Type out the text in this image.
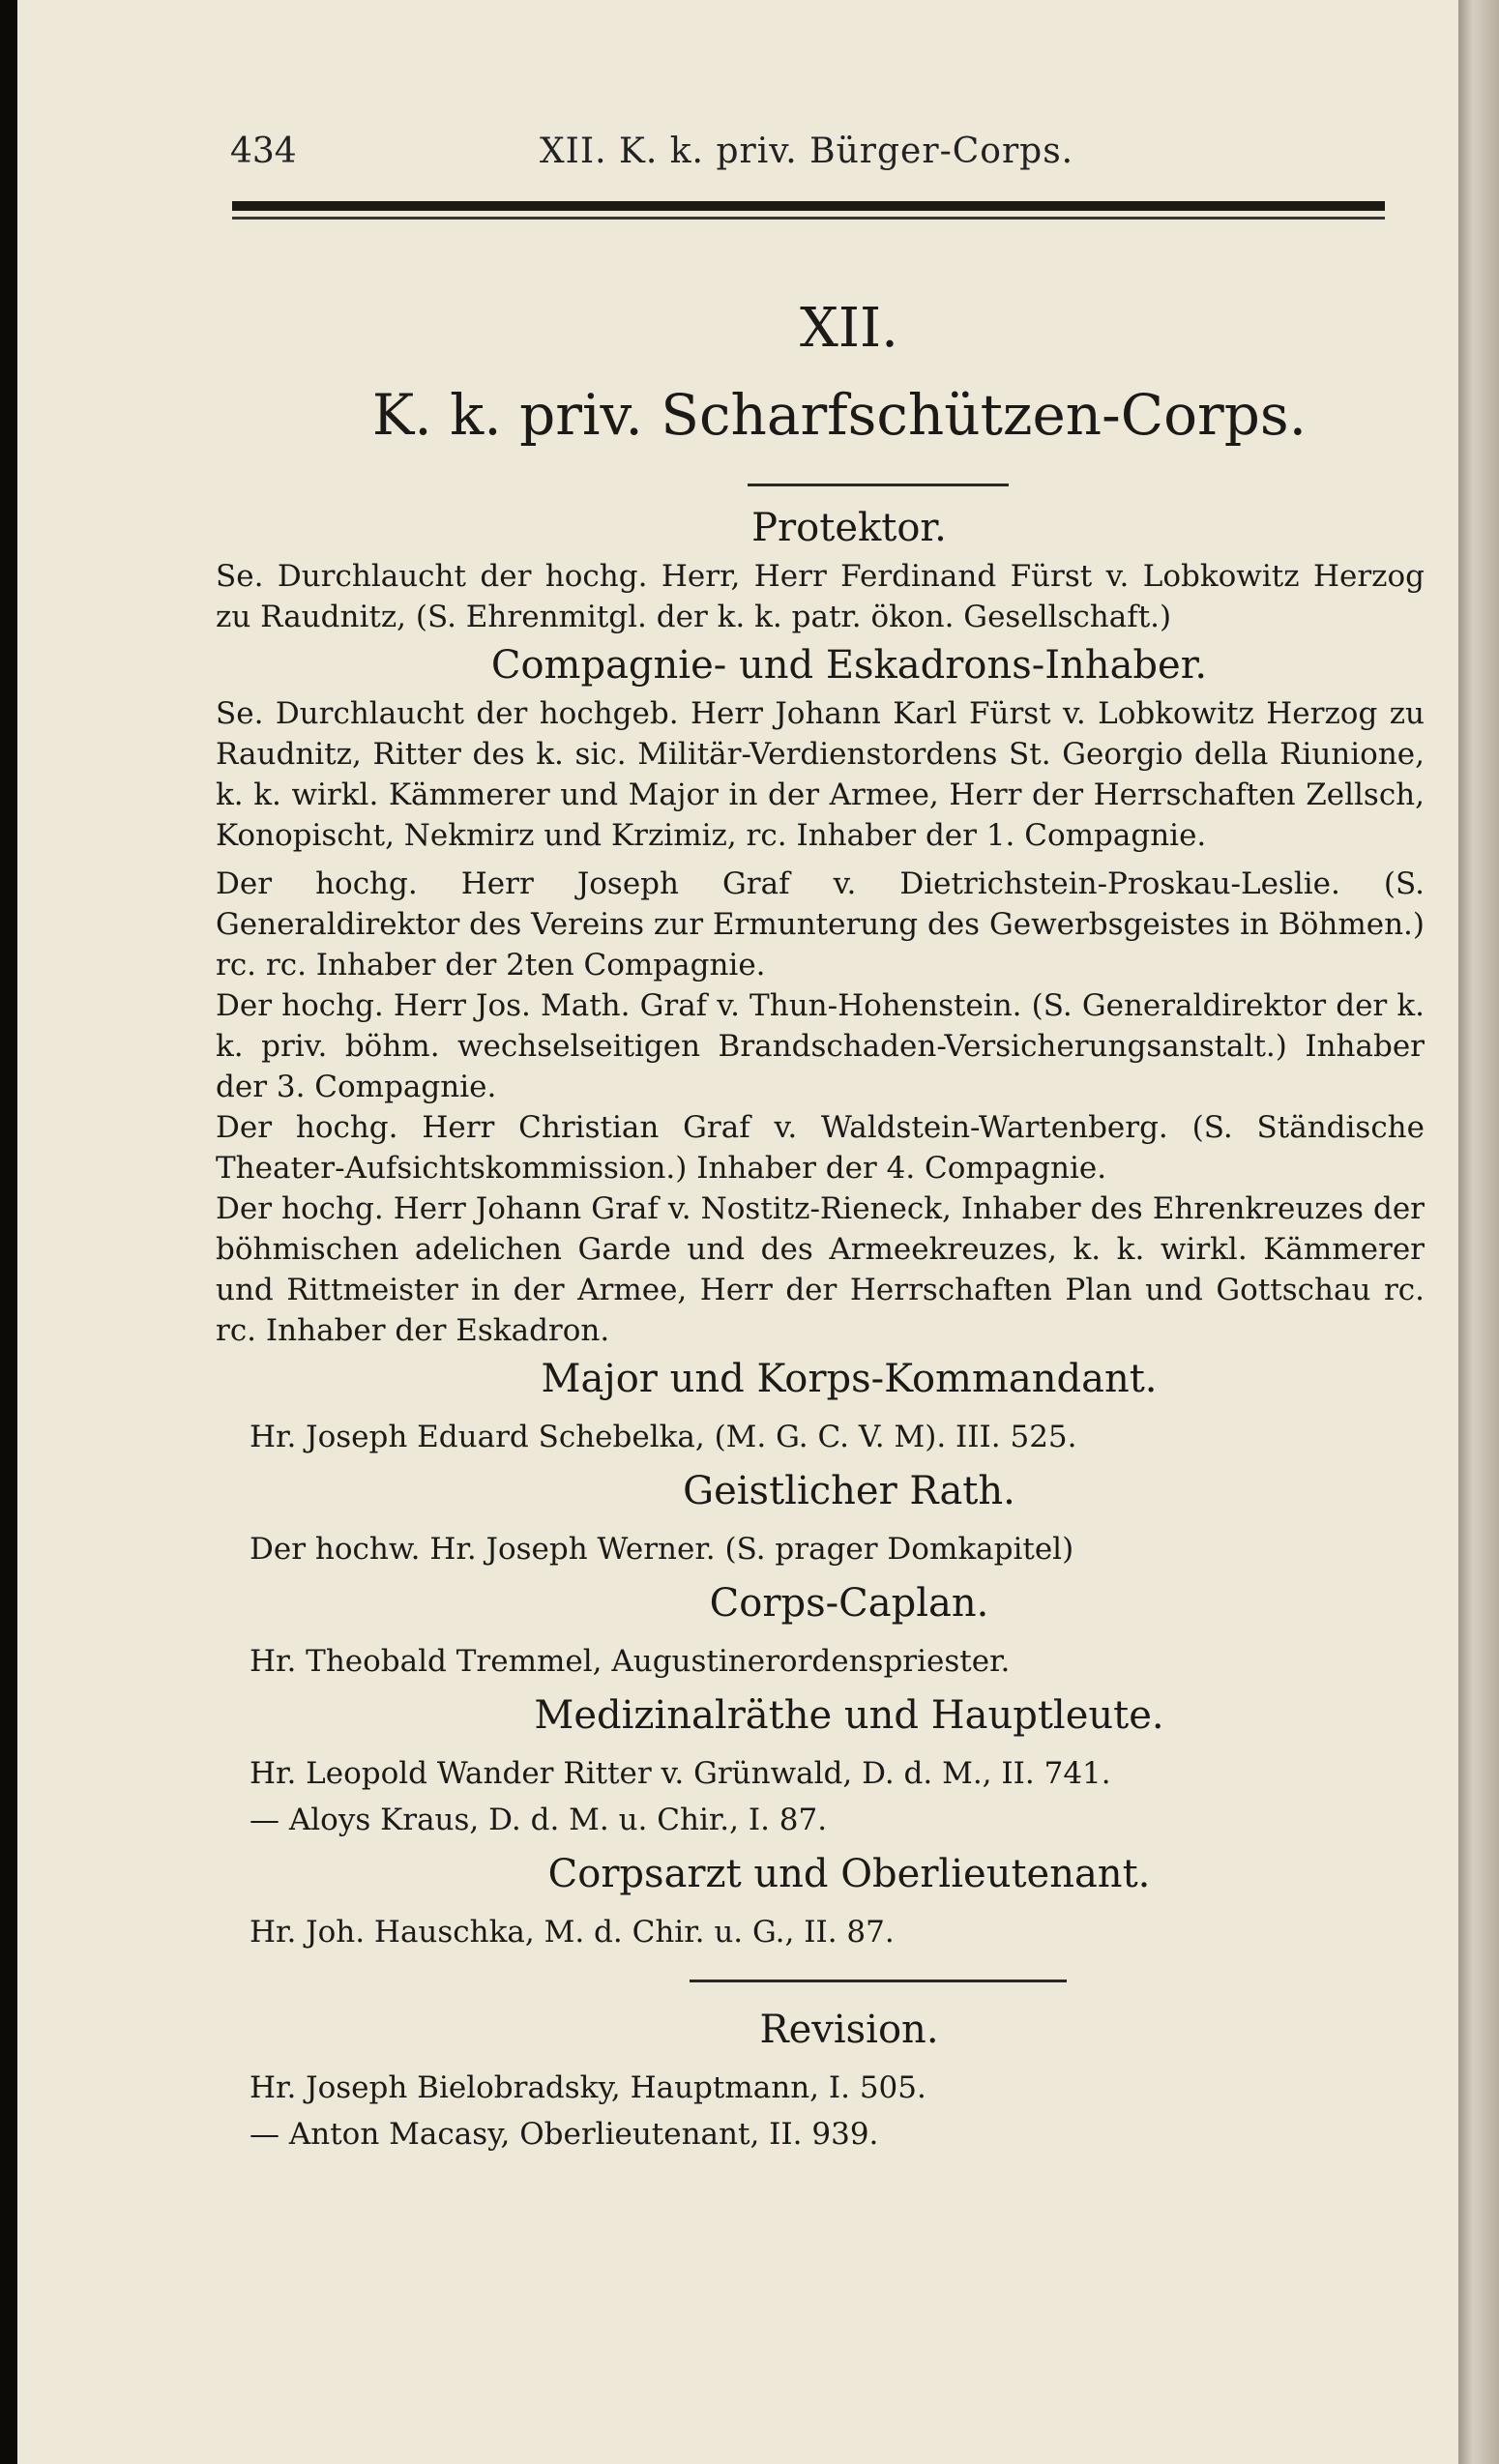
434	XII. K. k. priv. Bürger-Corps.
XII.
K. k. priv. Scharfschützen-Corps.
Protektor.

Se. Durchlaucht der hochg. Herr, Herr Ferdinand Fürst v. Lobkowitz Herzog zu Raudnitz, (S. Ehrenmitgl. der k. k. patr. ökon. Gesellschaft.)

Compagnie- und Eskadrons-Inhaber.

Se. Durchlaucht der hochgeb. Herr Johann Karl Fürst v. Lobkowitz Herzog zu Raudnitz, Ritter des k. sic. Militär-Verdienstordens St. Georgio della Riunione, k. k. wirkl. Kämmerer und Major in der Armee, Herr der Herrschaften Zellsch, Konopischt, Nekmirz und Krzimiz, rc. Inhaber der 1. Compagnie.

Der hochg. Herr Joseph Graf v. Dietrichstein-Proskau-Leslie. (S. Generaldirektor des Vereins zur Ermunterung des Gewerbsgeistes in Böhmen.) rc. rc. Inhaber der 2ten Compagnie.

Der hochg. Herr Jos. Math. Graf v. Thun-Hohenstein. (S. Generaldirektor der k. k. priv. böhm. wechselseitigen Brandschaden-Versicherungsanstalt.) Inhaber der 3. Compagnie.

Der hochg. Herr Christian Graf v. Waldstein-Wartenberg. (S. Ständische Theater-Aufsichtskommission.) Inhaber der 4. Compagnie.

Der hochg. Herr Johann Graf v. Nostitz-Rieneck, Inhaber des Ehrenkreuzes der böhmischen adelichen Garde und des Armeekreuzes, k. k. wirkl. Kämmerer und Rittmeister in der Armee, Herr der Herrschaften Plan und Gottschau rc. rc. Inhaber der Eskadron.

Major und Korps-Kommandant.
Hr. Joseph Eduard Schebelka, (M. G. C. V. M). III. 525.
Geistlicher Rath.
Der hochw. Hr. Joseph Werner. (S. prager Domkapitel)
Corps-Caplan.
Hr. Theobald Tremmel, Augustinerordenspriester.
Medizinalräthe und Hauptleute.
Hr. Leopold Wander Ritter v. Grünwald, D. d. M., II. 741.
— Aloys Kraus, D. d. M. u. Chir., I. 87.
Corpsarzt und Oberlieutenant.
Hr. Joh. Hauschka, M. d. Chir. u. G., II. 87.
Revision.
Hr. Joseph Bielobradsky, Hauptmann, I. 505.
— Anton Macasy, Oberlieutenant, II. 939.
